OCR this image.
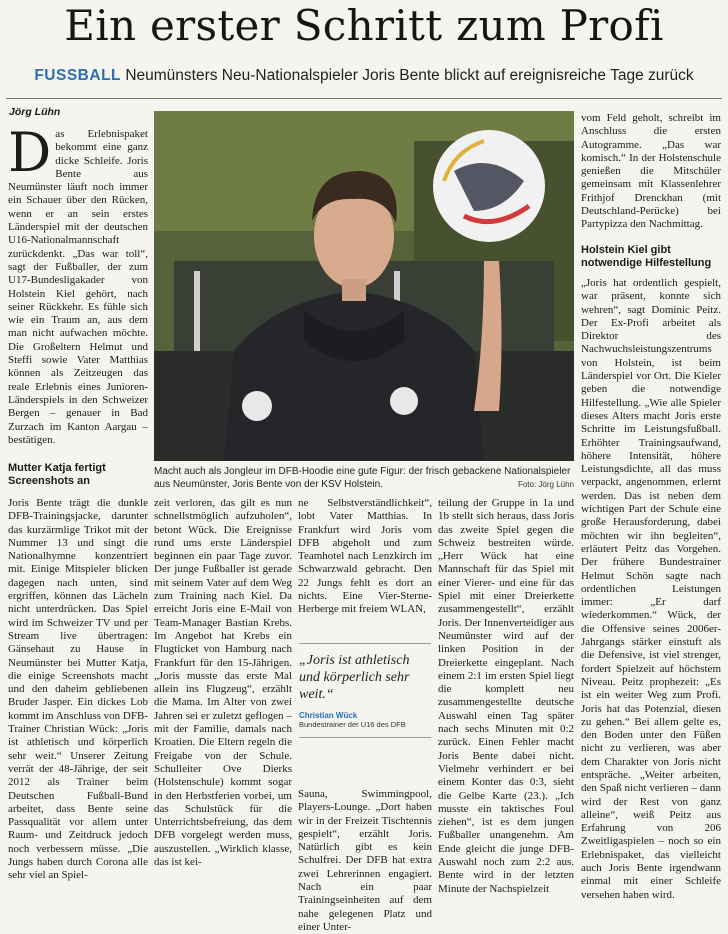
Ein erster Schritt zum Profi
FUSSBALL Neumünsters Neu-Nationalspieler Joris Bente blickt auf ereignisreiche Tage zurück
Jörg Lühn
D as Erlebnispaket bekommt eine ganz dicke Schleife. Joris Bente aus Neumünster läuft noch immer ein Schauer über den Rücken, wenn er an sein erstes Länderspiel mit der deutschen U16-Nationalmannschaft zurückdenkt. „Das war toll“, sagt der Fußballer, der zum U17-Bundesligakader von Holstein Kiel gehört, nach seiner Rückkehr. Es fühle sich wie ein Traum an, aus dem man nicht aufwachen möchte. Die Großeltern Helmut und Steffi sowie Vater Matthias können als Zeitzeugen das reale Erlebnis eines Junioren-Länderspiels in den Schweizer Bergen – genauer in Bad Zurzach im Kanton Aargau – bestätigen.

Mutter Katja fertigt Screenshots an

Joris Bente trägt die dunkle DFB-Trainingsjacke, darunter das kurzärmlige Trikot mit der Nummer 13 und singt die Nationalhymne konzentriert mit. Einige Mitspieler blicken dagegen nach unten, sind ergriffen, können das Lächeln nicht unterdrücken. Das Spiel wird im Schweizer TV und per Stream live übertragen: Gänsehaut zu Hause in Neumünster bei Mutter Katja, die einige Screenshots macht und den daheim gebliebenen Bruder Jasper. Ein dickes Lob kommt im Anschluss von DFB-Trainer Christian Wück: „Joris ist athletisch und körperlich sehr weit.“ Unserer Zeitung verrät der 48-Jährige, der seit 2012 als Trainer beim Deutschen Fußball-Bund arbeitet, dass Bente seine Passqualität vor allem unter Raum- und Zeitdruck jedoch noch verbessern müsse. „Die Jungs haben durch Corona alle sehr viel an Spiel-

Macht auch als Jongleur im DFB-Hoodie eine gute Figur: der frisch gebackene Nationalspieler aus Neumünster, Joris Bente von der KSV Holstein.	Foto: Jörg Lühn

zeit verloren, das gilt es nun schnellstmöglich aufzuholen“, betont Wück. Die Ereignisse rund ums erste Länderspiel beginnen ein paar Tage zuvor. Der junge Fußballer ist gerade mit seinem Vater auf dem Weg zum Training nach Kiel. Da erreicht Joris eine E-Mail von Team-Manager Bastian Krebs. Im Angebot hat Krebs ein Flugticket von Hamburg nach Frankfurt für den 15-Jährigen. „Joris musste das erste Mal allein ins Flugzeug“, erzählt die Mama. Im Alter von zwei Jahren sei er zuletzt geflogen – mit der Familie, damals nach Kroatien. Die Eltern regeln die Freigabe von der Schule. Schulleiter Ove Dierks (Holstenschule) kommt sogar in den Herbstferien vorbei, um das Schulstück für die Unterrichtsbefreiung, das dem DFB vorgelegt werden muss, auszustellen. „Wirklich klasse, das ist kei-

ne Selbstverständlichkeit“, lobt Vater Matthias. In Frankfurt wird Joris vom DFB abgeholt und zum Teamhotel nach Lenzkirch im Schwarzwald gebracht. Den 22 Jungs fehlt es dort an nichts. Eine Vier-Sterne-Herberge mit freiem WLAN,

„Joris ist athletisch und körperlich sehr weit.“
Christian Wück
Bundestrainer der U16 des DFB

Sauna, Swimmingpool, Players-Lounge. „Dort haben wir in der Freizeit Tischtennis gespielt“, erzählt Joris. Natürlich gibt es kein Schulfrei. Der DFB hat extra zwei Lehrerinnen engagiert. Nach ein paar Trainingseinheiten auf dem nahe gelegenen Platz und einer Unter-

teilung der Gruppe in 1a und 1b stellt sich heraus, dass Joris das zweite Spiel gegen die Schweiz bestreiten würde. „Herr Wück hat eine Mannschaft für das Spiel mit einer Vierer- und eine für das Spiel mit einer Dreierkette zusammengestellt“, erzählt Joris. Der Innenverteidiger aus Neumünster wird auf der linken Position in der Dreierkette eingeplant. Nach einem 2:1 im ersten Spiel liegt die komplett neu zusammengestellte deutsche Auswahl einen Tag später nach sechs Minuten mit 0:2 zurück. Einen Fehler macht Joris Bente dabei nicht. Vielmehr verhindert er bei einem Konter das 0:3, sieht die Gelbe Karte (23.). „Ich musste ein taktisches Foul ziehen“, ist es dem jungen Fußballer unangenehm. Am Ende gleicht die junge DFB-Auswahl noch zum 2:2 aus. Bente wird in der letzten Minute der Nachspielzeit

vom Feld geholt, schreibt im Anschluss die ersten Autogramme. „Das war komisch.“ In der Holstenschule genießen die Mitschüler gemeinsam mit Klassenlehrer Frithjof Drenckhan (mit Deutschland-Perücke) bei Partypizza den Nachmittag.

Holstein Kiel gibt notwendige Hilfestellung

„Joris hat ordentlich gespielt, war präsent, konnte sich wehren“, sagt Dominic Peitz. Der Ex-Profi arbeitet als Direktor des Nachwuchsleistungszentrums von Holstein, ist beim Länderspiel vor Ort. Die Kieler geben die notwendige Hilfestellung. „Wie alle Spieler dieses Alters macht Joris erste Schritte im Leistungsfußball. Erhöhter Trainingsaufwand, höhere Intensität, höhere Leistungsdichte, all das muss verpackt, angenommen, erlernt werden. Das ist neben dem wichtigen Part der Schule eine große Herausforderung, dabei möchten wir ihn begleiten“, erläutert Peitz das Vorgehen. Der frühere Bundestrainer Helmut Schön sagte nach ordentlichen Leistungen immer: „Er darf wiederkommen.“ Wück, der die Offensive seines 2006er-Jahrgangs stärker einstuft als die Defensive, ist viel strenger, fordert Spielzeit auf höchstem Niveau. Peitz prophezeit: „Es ist ein weiter Weg zum Profi. Joris hat das Potenzial, diesen zu gehen.“ Bei allem gelte es, den Boden unter den Füßen nicht zu verlieren, was aber dem Charakter von Joris nicht entspräche. „Weiter arbeiten, den Spaß nicht verlieren – dann wird der Rest von ganz alleine“, weiß Peitz aus Erfahrung von 206 Zweitligaspielen – noch so ein Erlebnispaket, das vielleicht auch Joris Bente irgendwann einmal mit einer Schleife versehen haben wird.
